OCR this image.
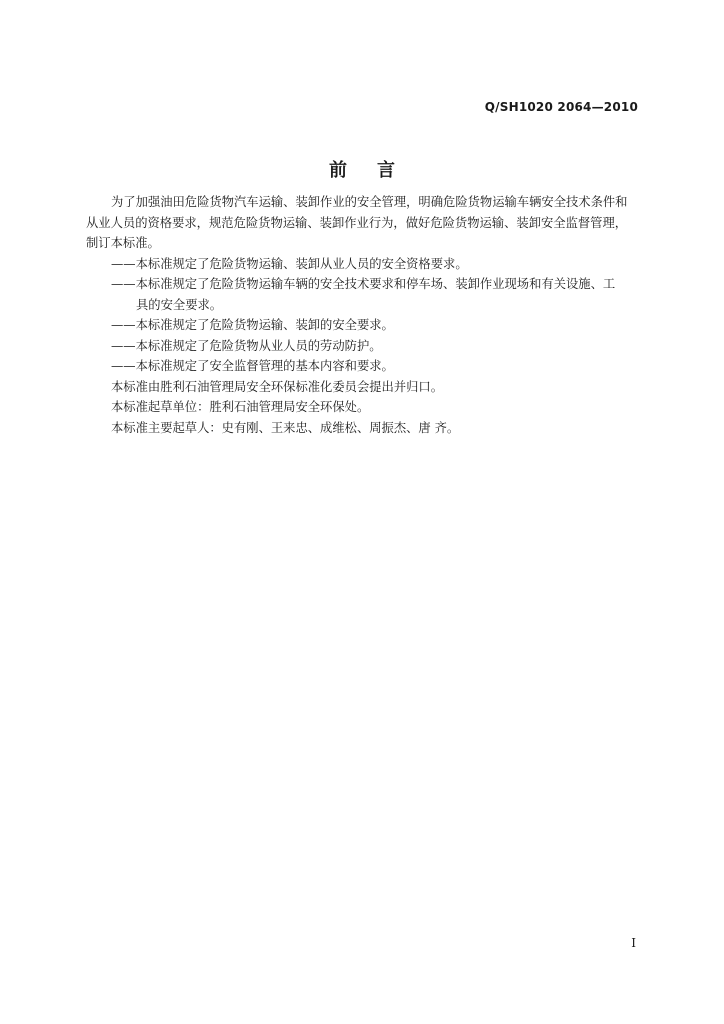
Q/SH1020 2064—2010
前言

为了加强油田危险货物汽车运输、装卸作业的安全管理，明确危险货物运输车辆安全技术条件和从业人员的资格要求，规范危险货物运输、装卸作业行为，做好危险货物运输、装卸安全监督管理，制订本标准。

——本标准规定了危险货物运输、装卸从业人员的安全资格要求。

——本标准规定了危险货物运输车辆的安全技术要求和停车场、装卸作业现场和有关设施、工
具的安全要求。

——本标准规定了危险货物运输、装卸的安全要求。

——本标准规定了危险货物从业人员的劳动防护。

——本标准规定了安全监督管理的基本内容和要求。

本标准由胜利石油管理局安全环保标准化委员会提出并归口。

本标准起草单位：胜利石油管理局安全环保处。

本标准主要起草人：史有刚、王来忠、成维松、周振杰、唐 齐。

I
